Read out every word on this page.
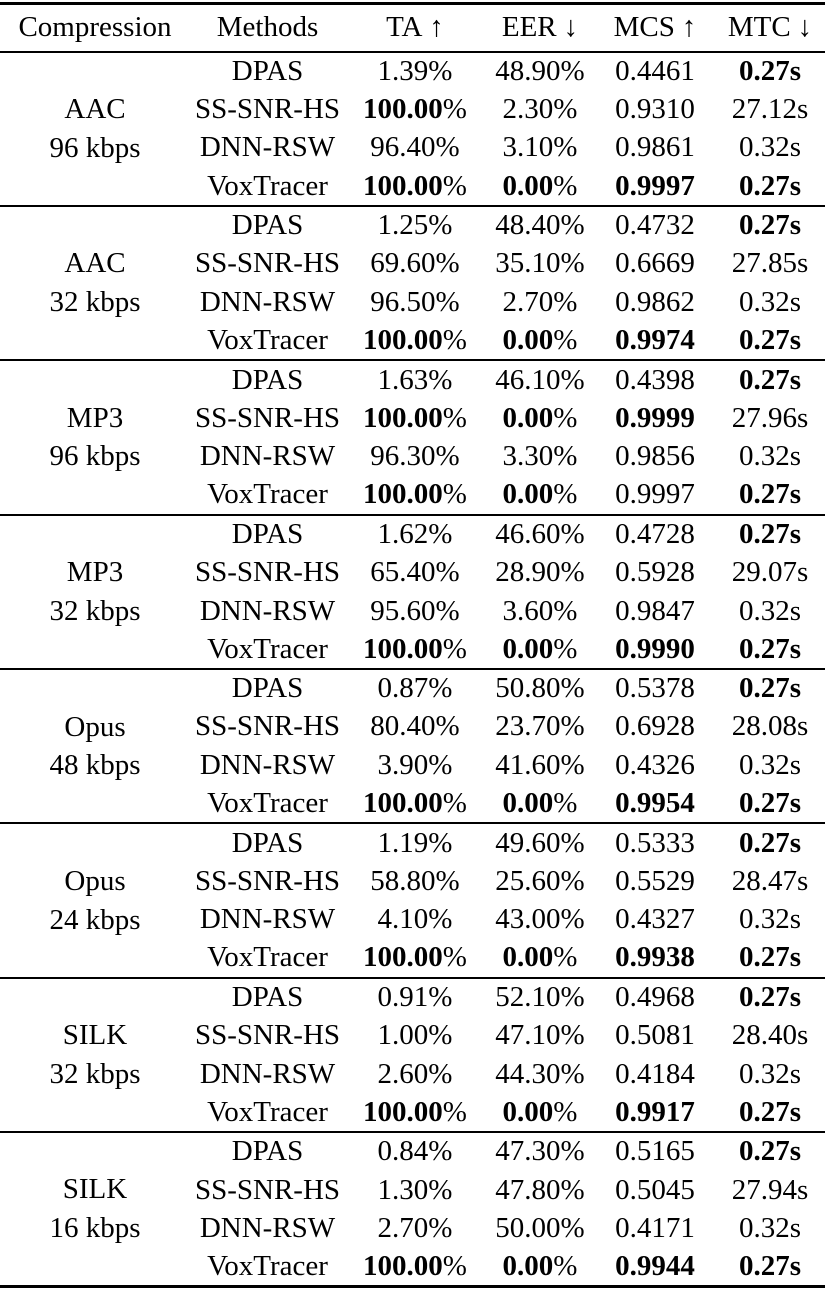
Compression	Methods	TA ↑	EER ↓	MCS ↑	MTC ↓

AAC
96 kbps	DPAS	1.39%	48.90%	0.4461	0.27s
	SS-SNR-HS	100.00%	2.30%	0.9310	27.12s
	DNN-RSW	96.40%	3.10%	0.9861	0.32s
	VoxTracer	100.00%	0.00%	0.9997	0.27s

AAC
32 kbps	DPAS	1.25%	48.40%	0.4732	0.27s
	SS-SNR-HS	69.60%	35.10%	0.6669	27.85s
	DNN-RSW	96.50%	2.70%	0.9862	0.32s
	VoxTracer	100.00%	0.00%	0.9974	0.27s

MP3
96 kbps	DPAS	1.63%	46.10%	0.4398	0.27s
	SS-SNR-HS	100.00%	0.00%	0.9999	27.96s
	DNN-RSW	96.30%	3.30%	0.9856	0.32s
	VoxTracer	100.00%	0.00%	0.9997	0.27s

MP3
32 kbps	DPAS	1.62%	46.60%	0.4728	0.27s
	SS-SNR-HS	65.40%	28.90%	0.5928	29.07s
	DNN-RSW	95.60%	3.60%	0.9847	0.32s
	VoxTracer	100.00%	0.00%	0.9990	0.27s

Opus
48 kbps	DPAS	0.87%	50.80%	0.5378	0.27s
	SS-SNR-HS	80.40%	23.70%	0.6928	28.08s
	DNN-RSW	3.90%	41.60%	0.4326	0.32s
	VoxTracer	100.00%	0.00%	0.9954	0.27s

Opus
24 kbps	DPAS	1.19%	49.60%	0.5333	0.27s
	SS-SNR-HS	58.80%	25.60%	0.5529	28.47s
	DNN-RSW	4.10%	43.00%	0.4327	0.32s
	VoxTracer	100.00%	0.00%	0.9938	0.27s

SILK
32 kbps	DPAS	0.91%	52.10%	0.4968	0.27s
	SS-SNR-HS	1.00%	47.10%	0.5081	28.40s
	DNN-RSW	2.60%	44.30%	0.4184	0.32s
	VoxTracer	100.00%	0.00%	0.9917	0.27s

SILK
16 kbps	DPAS	0.84%	47.30%	0.5165	0.27s
	SS-SNR-HS	1.30%	47.80%	0.5045	27.94s
	DNN-RSW	2.70%	50.00%	0.4171	0.32s
	VoxTracer	100.00%	0.00%	0.9944	0.27s
